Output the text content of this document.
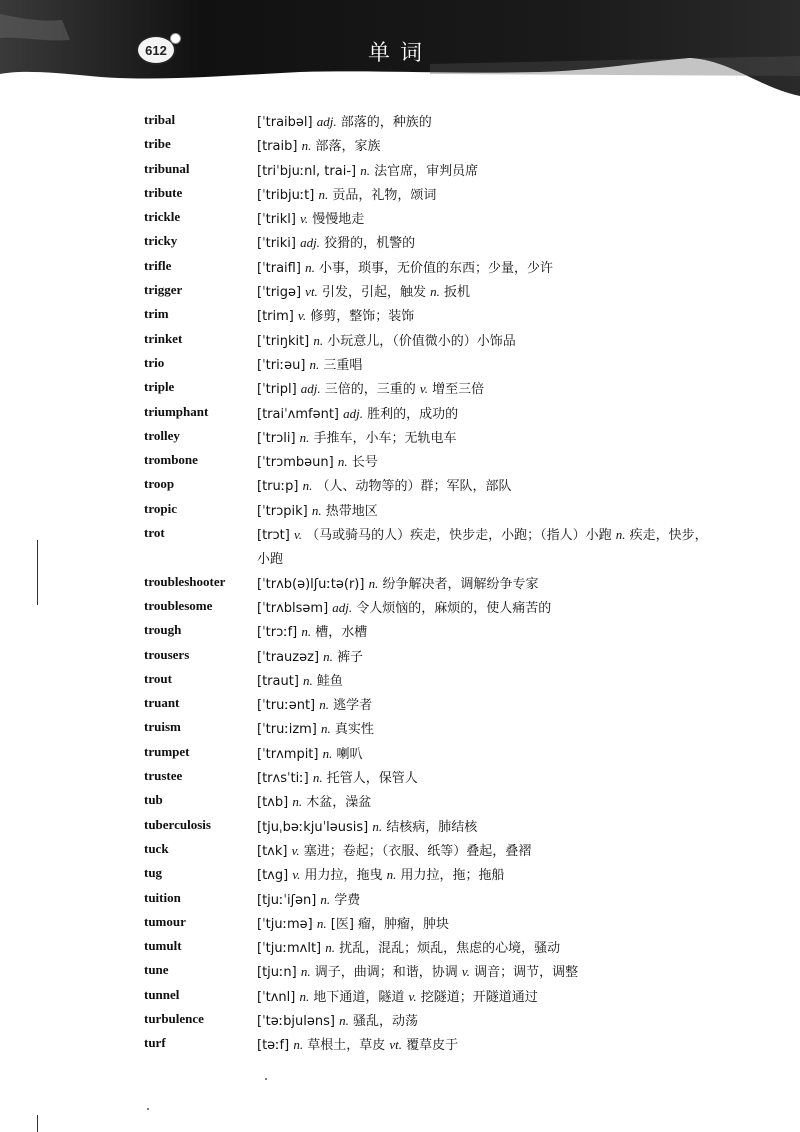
612	单词
tribal	[ˈtraibəl] adj. 部落的，种族的
tribe	[traib] n. 部落，家族
tribunal	[triˈbjuːnl, trai-] n. 法官席，审判员席
tribute	[ˈtribjuːt] n. 贡品，礼物，颂词
trickle	[ˈtrikl] v. 慢慢地走
tricky	[ˈtriki] adj. 狡猾的，机警的
trifle	[ˈtraifl] n. 小事，琐事，无价值的东西；少量，少许
trigger	[ˈtrigə] vt. 引发，引起，触发 n. 扳机
trim	[trim] v. 修剪，整饰；装饰
trinket	[ˈtriŋkit] n. 小玩意儿，（价值微小的）小饰品
trio	[ˈtriːəu] n. 三重唱
triple	[ˈtripl] adj. 三倍的，三重的 v. 增至三倍
triumphant	[traiˈʌmfənt] adj. 胜利的，成功的
trolley	[ˈtrɔli] n. 手推车，小车；无轨电车
trombone	[ˈtrɔmbəun] n. 长号
troop	[truːp] n. （人、动物等的）群；军队，部队
tropic	[ˈtrɔpik] n. 热带地区
trot	[trɔt] v. （马或骑马的人）疾走，快步走，小跑；（指人）小跑 n. 疾走，快步，小跑
troubleshooter	[ˈtrʌb(ə)lʃuːtə(r)] n. 纷争解决者，调解纷争专家
troublesome	[ˈtrʌblsəm] adj. 令人烦恼的，麻烦的，使人痛苦的
trough	[ˈtrɔːf] n. 槽，水槽
trousers	[ˈtrauzəz] n. 裤子
trout	[traut] n. 鲑鱼
truant	[ˈtruːənt] n. 逃学者
truism	[ˈtruːizm] n. 真实性
trumpet	[ˈtrʌmpit] n. 喇叭
trustee	[trʌsˈtiː] n. 托管人，保管人
tub	[tʌb] n. 木盆，澡盆
tuberculosis	[tjuˌbəːkjuˈləusis] n. 结核病，肺结核
tuck	[tʌk] v. 塞进；卷起；（衣服、纸等）叠起，叠褶
tug	[tʌg] v. 用力拉，拖曳 n. 用力拉，拖；拖船
tuition	[tjuːˈiʃən] n. 学费
tumour	[ˈtjuːmə] n. [医] 瘤，肿瘤，肿块
tumult	[ˈtjuːmʌlt] n. 扰乱，混乱；烦乱，焦虑的心境，骚动
tune	[tjuːn] n. 调子，曲调；和谐，协调 v. 调音；调节，调整
tunnel	[ˈtʌnl] n. 地下通道，隧道 v. 挖隧道；开隧道通过
turbulence	[ˈtəːbjuləns] n. 骚乱，动荡
turf	[təːf] n. 草根土，草皮 vt. 覆草皮于
